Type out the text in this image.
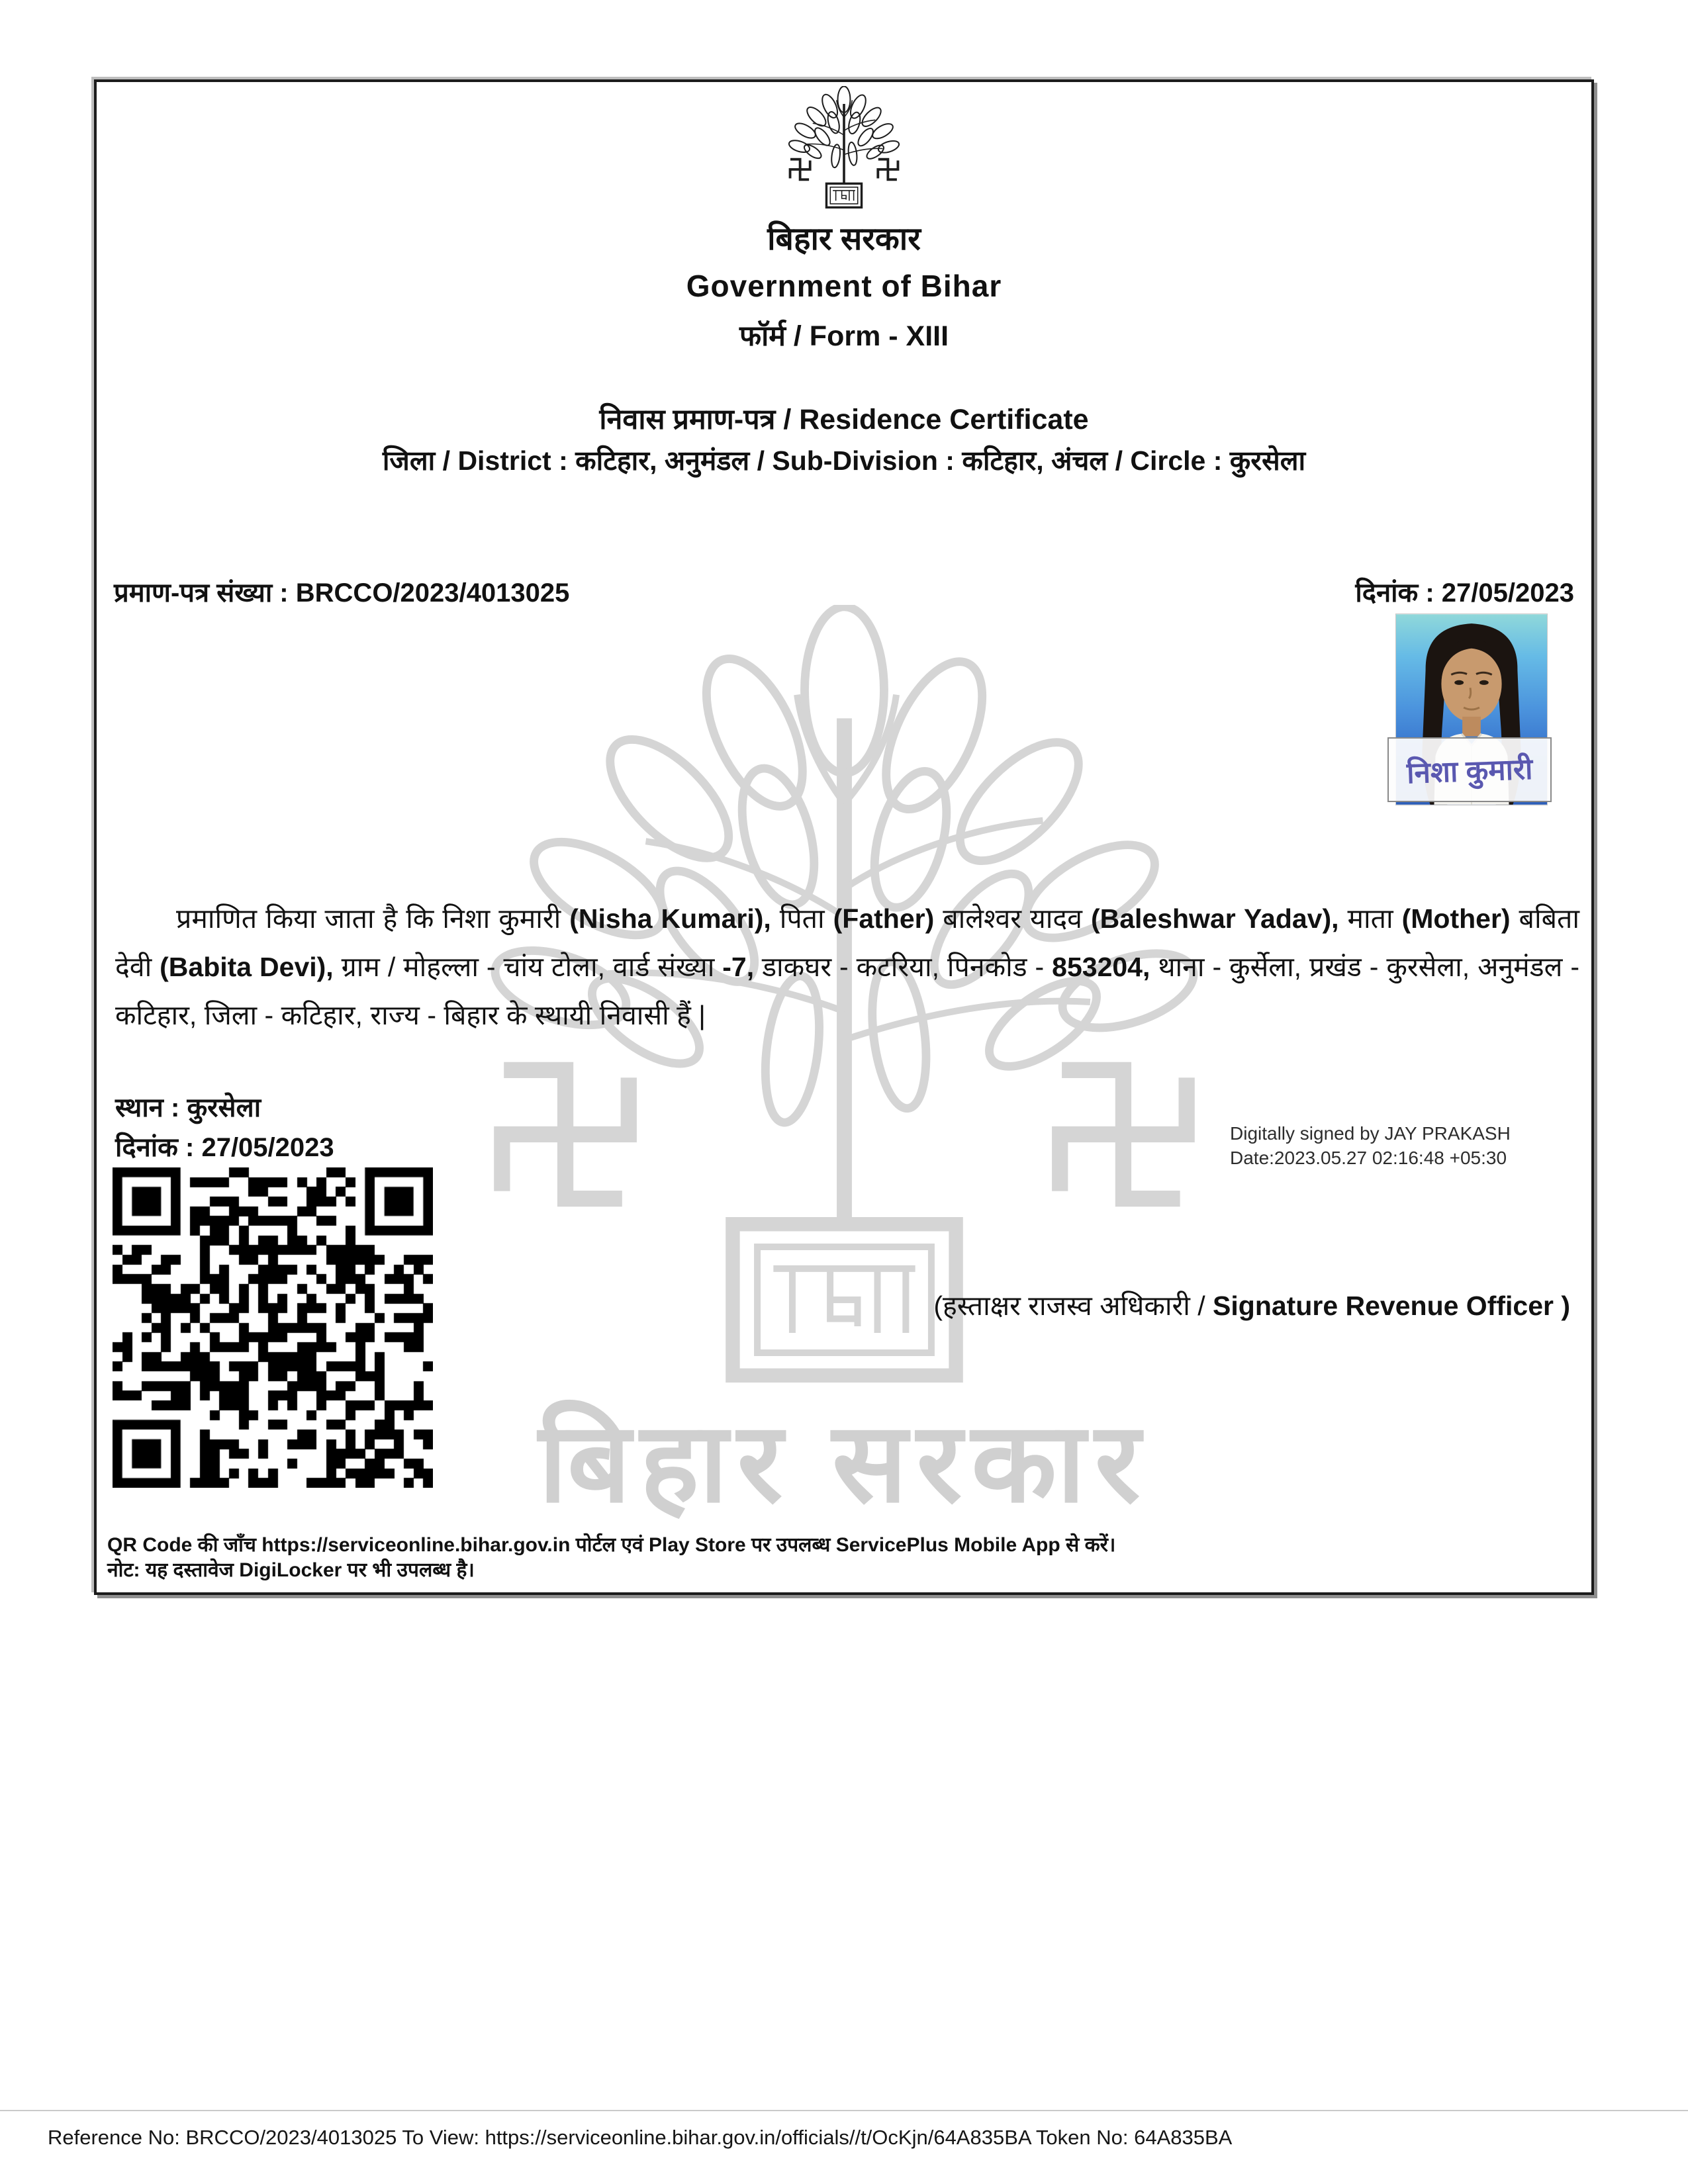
बिहार सरकार
बिहार सरकार
Government of Bihar
फॉर्म / Form - XIII
निवास प्रमाण-पत्र / Residence Certificate
जिला / District : कटिहार, अनुमंडल / Sub-Division : कटिहार, अंचल / Circle : कुरसेला
प्रमाण-पत्र संख्या : BRCCO/2023/4013025	दिनांक : 27/05/2023
निशा कुमारी
प्रमाणित किया जाता है कि निशा कुमारी (Nisha Kumari), पिता (Father) बालेश्वर यादव (Baleshwar Yadav), माता (Mother) बबिता देवी (Babita Devi), ग्राम / मोहल्ला - चांय टोला, वार्ड संख्या -7, डाकघर - कटरिया, पिनकोड - 853204, थाना - कुर्सेला, प्रखंड - कुरसेला, अनुमंडल - कटिहार, जिला - कटिहार, राज्य - बिहार के स्थायी निवासी हैं |
स्थान : कुरसेला
दिनांक : 27/05/2023	Digitally signed by JAY PRAKASH
Date:2023.05.27 02:16:48 +05:30
(हस्ताक्षर राजस्व अधिकारी / Signature Revenue Officer )
QR Code की जाँच https://serviceonline.bihar.gov.in पोर्टल एवं Play Store पर उपलब्ध ServicePlus Mobile App से करें।
नोट: यह दस्तावेज DigiLocker पर भी उपलब्ध है।
Reference No: BRCCO/2023/4013025 To View: https://serviceonline.bihar.gov.in/officials//t/OcKjn/64A835BA Token No: 64A835BA
